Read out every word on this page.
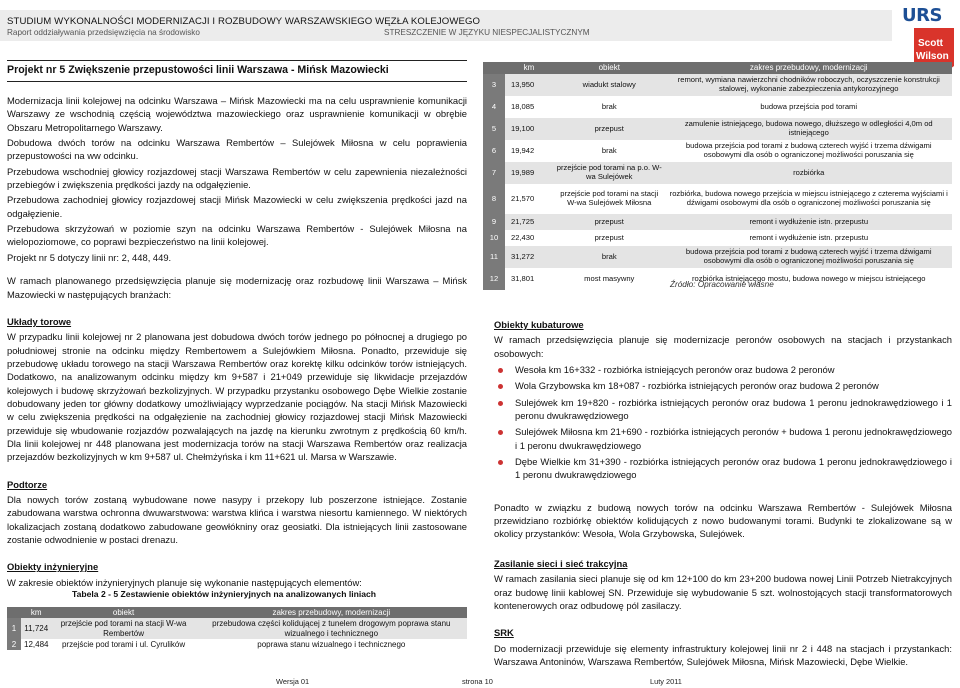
STUDIUM WYKONALNOŚCI MODERNIZACJI I ROZBUDOWY WARSZAWSKIEGO WĘZŁA KOLEJOWEGO
Raport oddziaływania przedsięwzięcia na środowisko	STRESZCZENIE W JĘZYKU NIESPECJALISTYCZNYM
URS
Scott
Wilson
Projekt nr 5 Zwiększenie przepustowości linii Warszawa - Mińsk Mazowiecki
Modernizacja linii kolejowej na odcinku Warszawa – Mińsk Mazowiecki ma na celu usprawnienie komunikacji Warszawy ze wschodnią częścią województwa mazowieckiego oraz usprawnienie komunikacji w obrębie Obszaru Metropolitarnego Warszawy.
Dobudowa dwóch torów na odcinku Warszawa Rembertów – Sulejówek Miłosna w celu poprawienia przepustowości na ww odcinku.
Przebudowa wschodniej głowicy rozjazdowej stacji Warszawa Rembertów w celu zapewnienia niezależności przebiegów i zwiększenia prędkości jazdy na odgałęzienie.
Przebudowa zachodniej głowicy rozjazdowej stacji Mińsk Mazowiecki w celu zwiększenia prędkości jazd na odgałęzienie.
Przebudowa skrzyżowań w poziomie szyn na odcinku Warszawa Rembertów - Sulejówek Miłosna na wielopoziomowe, co poprawi bezpieczeństwo na linii kolejowej.
Projekt nr 5 dotyczy linii nr: 2, 448, 449.
W ramach planowanego przedsięwzięcia planuje się modernizację oraz rozbudowę linii Warszawa – Mińsk Mazowiecki w następujących branżach:
Układy torowe
W przypadku linii kolejowej nr 2 planowana jest dobudowa dwóch torów jednego po północnej a drugiego po południowej stronie na odcinku między Rembertowem a Sulejówkiem Miłosna. Ponadto, przewiduje się przebudowę układu torowego na stacji Warszawa Rembertów oraz korektę kilku odcinków torów istniejących. Dodatkowo, na analizowanym odcinku między km 9+587 i 21+049 przewiduje się likwidacje przejazdów kolejowych i budowę skrzyżowań bezkolizyjnych. W przypadku przystanku osobowego Dębe Wielkie zostanie dobudowany jeden tor główny dodatkowy umożliwiający wyprzedzanie pociągów. Na stacji Mińsk Mazowiecki w celu zwiększenia prędkości na odgałęzienie na zachodniej głowicy rozjazdowej stacji Mińsk Mazowiecki przewiduje się wbudowanie rozjazdów pozwalających na jazdę na kierunku zwrotnym z prędkością 60 km/h. Dla linii kolejowej nr 448 planowana jest modernizacja torów na stacji Warszawa Rembertów oraz realizacja przejazdów bezkolizyjnych w km 9+587 ul. Chełmżyńska i km 11+621 ul. Marsa w Warszawie.
Podtorze
Dla nowych torów zostaną wybudowane nowe nasypy i przekopy lub poszerzone istniejące. Zostanie zabudowana warstwa ochronna dwuwarstwowa: warstwa klińca i warstwa niesortu kamiennego. W niektórych lokalizacjach zostaną dodatkowo zabudowane geowłókniny oraz geosiatki. Dla istniejących linii zastosowane zostanie odwodnienie w postaci drenazu.
Obiekty inżynieryjne
W zakresie obiektów inżynieryjnych planuje się wykonanie następujących elementów:
Tabela 2 - 5 Zestawienie obiektów inżynieryjnych na analizowanych liniach
	km	obiekt	zakres przebudowy, modernizacji
1	11,724	przejście pod torami na stacji W-wa Rembertów	przebudowa części kolidującej z tunelem drogowym poprawa stanu wizualnego i technicznego
2	12,484	przejście pod torami i ul. Cyrulików	poprawa stanu wizualnego i technicznego
	km	obiekt	zakres przebudowy, modernizacji
3	13,950	wiadukt stalowy	remont, wymiana nawierzchni chodników roboczych, oczyszczenie konstrukcji stalowej, wykonanie zabezpieczenia antykorozyjnego
4	18,085	brak	budowa przejścia pod torami
5	19,100	przepust	zamulenie istniejącego, budowa nowego, dłuższego w odległości 4,0m od istniejącego
6	19,942	brak	budowa przejścia pod torami z budową czterech wyjść i trzema dźwigami osobowymi dla osób o ograniczonej możliwości poruszania się
7	19,989	przejście pod torami na p.o. W-wa Sulejówek	rozbiórka
8	21,570	przejście pod torami na stacji W-wa Sulejówek Miłosna	rozbiórka, budowa nowego przejścia w miejscu istniejącego z czterema wyjściami i dźwigami osobowymi dla osób o ograniczonej możliwości poruszania się
9	21,725	przepust	remont i wydłużenie istn. przepustu
10	22,430	przepust	remont i wydłużenie istn. przepustu
11	31,272	brak	budowa przejścia pod torami z budową czterech wyjść i trzema dźwigami osobowymi dla osób o ograniczonej możliwości poruszania się
12	31,801	most masywny	rozbiórka istniejącego mostu, budowa nowego w miejscu istniejącego
Źródło: Opracowanie własne
Obiekty kubaturowe
W ramach przedsięwzięcia planuje się modernizacje peronów osobowych na stacjach i przystankach osobowych:
Wesoła km 16+332 - rozbiórka istniejących peronów oraz budowa 2 peronów
Wola Grzybowska km 18+087 - rozbiórka istniejących peronów oraz budowa 2 peronów
Sulejówek km 19+820 - rozbiórka istniejących peronów oraz budowa 1 peronu jednokrawędziowego i 1 peronu dwukrawędziowego
Sulejówek Miłosna km 21+690 - rozbiórka istniejących peronów + budowa 1 peronu jednokrawędziowego i 1 peronu dwukrawędziowego
Dębe Wielkie km 31+390 - rozbiórka istniejących peronów oraz budowa 1 peronu jednokrawędziowego i 1 peronu dwukrawędziowego
Ponadto w związku z budową nowych torów na odcinku Warszawa Rembertów - Sulejówek Miłosna przewidziano rozbiórkę obiektów kolidujących z nowo budowanymi torami. Budynki te zlokalizowane są w okolicy przystanków: Wesoła, Wola Grzybowska, Sulejówek.
Zasilanie sieci i sieć trakcyjna
W ramach zasilania sieci planuje się od km 12+100 do km 23+200 budowa nowej Linii Potrzeb Nietrakcyjnych oraz budowę linii kablowej SN. Przewiduje się wybudowanie 5 szt. wolnostojących stacji transformatorowych kontenerowych oraz odbudowę pól zasilaczy.
SRK
Do modernizacji przewiduje się elementy infrastruktury kolejowej linii nr 2 i 448 na stacjach i przystankach: Warszawa Antoninów, Warszawa Rembertów, Sulejówek Miłosna, Mińsk Mazowiecki, Dębe Wielkie.
Wersja 01	strona 10	Luty 2011
